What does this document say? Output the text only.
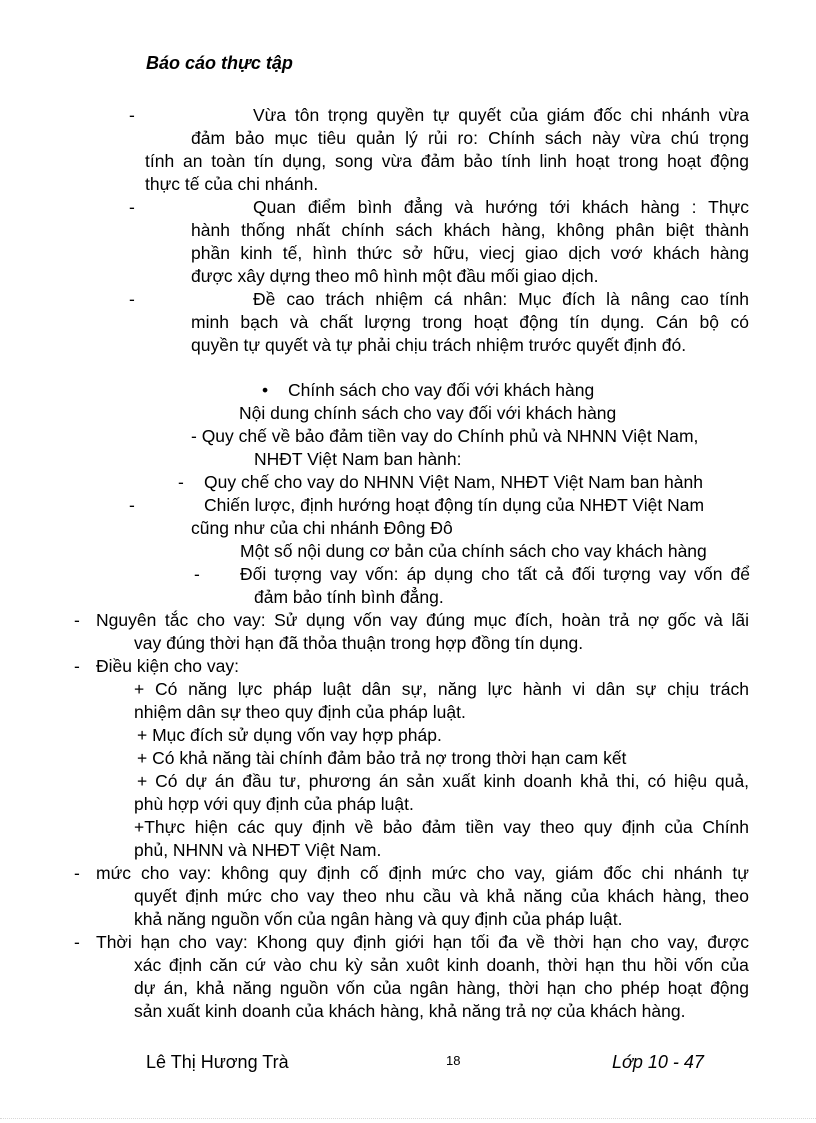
Báo cáo thực tập
-	Vừa tôn trọng quyền tự quyết của giám đốc chi nhánh vừa
đảm bảo mục tiêu quản lý rủi ro: Chính sách này vừa chú trọng
tính an toàn tín dụng, song vừa đảm bảo tính linh hoạt trong hoạt động
thực tế của chi nhánh.
-	Quan điểm bình đẳng và hướng tới khách hàng : Thực
hành thống nhất chính sách khách hàng, không phân biệt thành
phần kinh tế, hình thức sở hữu, viecj giao dịch vơớ khách hàng
được xây dựng theo mô hình một đầu mối giao dịch.
-	Đề cao trách nhiệm cá nhân: Mục đích là nâng cao tính
minh bạch và chất lượng trong hoạt động tín dụng. Cán bộ có
quyền tự quyết và tự phải chịu trách nhiệm trước quyết định đó.
• Chính sách cho vay đối với khách hàng
Nội dung chính sách cho vay đối với khách hàng
- Quy chế về bảo đảm tiền vay do Chính phủ và NHNN Việt Nam,
NHĐT Việt Nam ban hành:
- Quy chế cho vay do NHNN Việt Nam, NHĐT Việt Nam ban hành
-	Chiến lược, định hướng hoạt động tín dụng của NHĐT Việt Nam
cũng như của chi nhánh Đông Đô
Một số nội dung cơ bản của chính sách cho vay khách hàng
- Đối tượng vay vốn: áp dụng cho tất cả đối tượng vay vốn để
đảm bảo tính bình đẳng.
- Nguyên tắc cho vay: Sử dụng vốn vay đúng mục đích, hoàn trả nợ gốc và lãi
vay đúng thời hạn đã thỏa thuận trong hợp đồng tín dụng.
- Điều kiện cho vay:
+ Có năng lực pháp luật dân sự, năng lực hành vi dân sự chịu trách
nhiệm dân sự theo quy định của pháp luật.
+ Mục đích sử dụng vốn vay hợp pháp.
+ Có khả năng tài chính đảm bảo trả nợ trong thời hạn cam kết
+ Có dự án đầu tư, phương án sản xuất kinh doanh khả thi, có hiệu quả,
phù hợp với quy định của pháp luật.
+Thực hiện các quy định về bảo đảm tiền vay theo quy định của Chính
phủ, NHNN và NHĐT Việt Nam.
- mức cho vay: không quy định cố định mức cho vay, giám đốc chi nhánh tự
quyết định mức cho vay theo nhu cầu và khả năng của khách hàng, theo
khả năng nguồn vốn của ngân hàng và quy định của pháp luật.
- Thời hạn cho vay: Khong quy định giới hạn tối đa về thời hạn cho vay, được
xác định căn cứ vào chu kỳ sản xuôt kinh doanh, thời hạn thu hồi vốn của
dự án, khả năng nguồn vốn của ngân hàng, thời hạn cho phép hoạt động
sản xuất kinh doanh của khách hàng, khả năng trả nợ của khách hàng.
Lê Thị Hương Trà	18	Lớp 10 - 47
